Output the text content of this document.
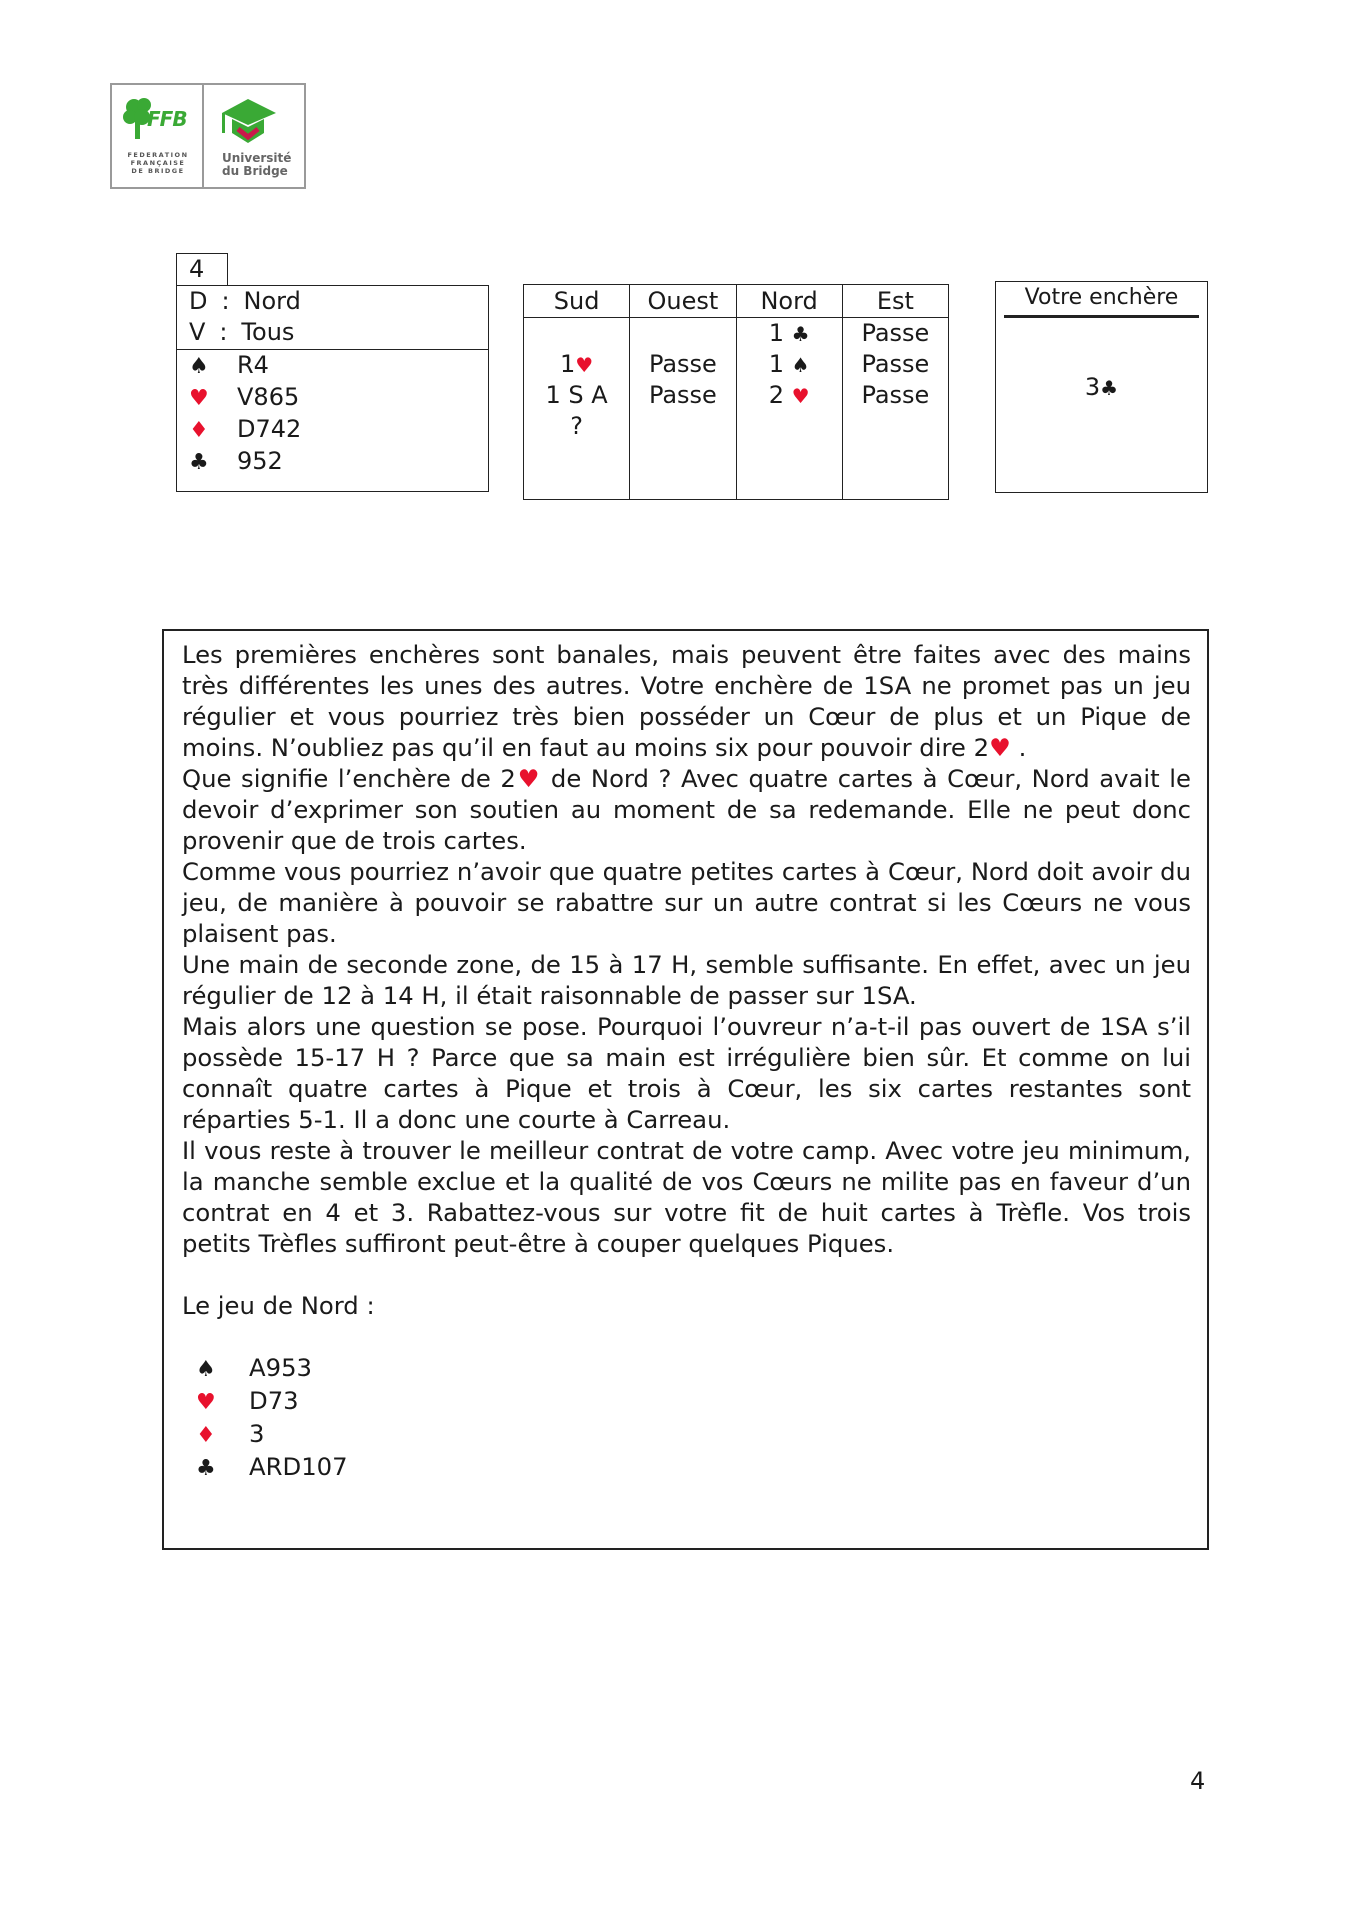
FFB
FEDERATION
FRANÇAISE
DE BRIDGE
Université
du Bridge
4
D : Nord
V : Tous
♠ R4
♥ V865
♦ D742
♣ 952
Sud
1♥
1 S A
?
Ouest
Passe
Passe
Nord
1 ♣
1 ♠
2 ♥
Est
Passe
Passe
Passe
Votre enchère
3♣

Les premières enchères sont banales, mais peuvent être faites avec des mains très différentes les unes des autres. Votre enchère de 1SA ne promet pas un jeu régulier et vous pourriez très bien posséder un Cœur de plus et un Pique de moins. N’oubliez pas qu’il en faut au moins six pour pouvoir dire 2♥ .

Que signifie l’enchère de 2♥ de Nord ? Avec quatre cartes à Cœur, Nord avait le devoir d’exprimer son soutien au moment de sa redemande. Elle ne peut donc provenir que de trois cartes.

Comme vous pourriez n’avoir que quatre petites cartes à Cœur, Nord doit avoir du jeu, de manière à pouvoir se rabattre sur un autre contrat si les Cœurs ne vous plaisent pas.

Une main de seconde zone, de 15 à 17 H, semble suffisante. En effet, avec un jeu régulier de 12 à 14 H, il était raisonnable de passer sur 1SA.

Mais alors une question se pose. Pourquoi l’ouvreur n’a-t-il pas ouvert de 1SA s’il possède 15-17 H ? Parce que sa main est irrégulière bien sûr. Et comme on lui connaît quatre cartes à Pique et trois à Cœur, les six cartes restantes sont réparties 5-1. Il a donc une courte à Carreau.

Il vous reste à trouver le meilleur contrat de votre camp. Avec votre jeu minimum, la manche semble exclue et la qualité de vos Cœurs ne milite pas en faveur d’un contrat en 4 et 3. Rabattez-vous sur votre fit de huit cartes à Trèfle. Vos trois petits Trèfles suffiront peut-être à couper quelques Piques.

Le jeu de Nord :
♠ A953
♥ D73
♦ 3
♣ ARD107
4
